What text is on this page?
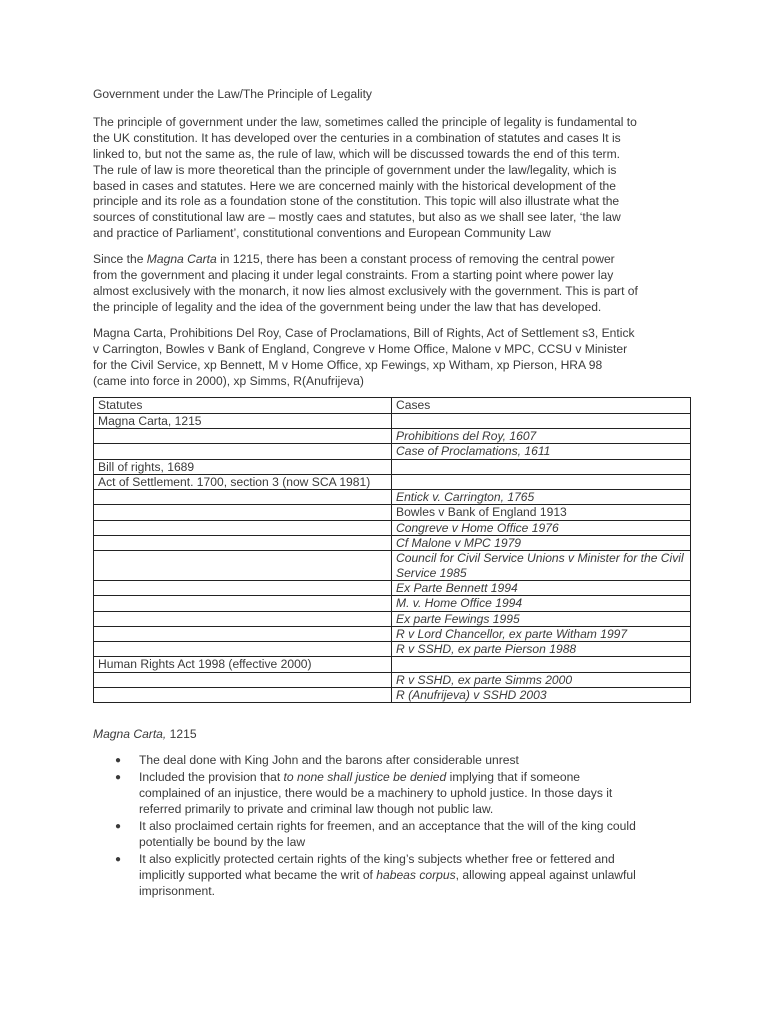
Government under the Law/The Principle of Legality
The principle of government under the law, sometimes called the principle of legality is fundamental to
the UK constitution. It has developed over the centuries in a combination of statutes and cases It is
linked to, but not the same as, the rule of law, which will be discussed towards the end of this term.
The rule of law is more theoretical than the principle of government under the law/legality, which is
based in cases and statutes. Here we are concerned mainly with the historical development of the
principle and its role as a foundation stone of the constitution. This topic will also illustrate what the
sources of constitutional law are – mostly caes and statutes, but also as we shall see later, ‘the law
and practice of Parliament’, constitutional conventions and European Community Law
Since the Magna Carta in 1215, there has been a constant process of removing the central power
from the government and placing it under legal constraints. From a starting point where power lay
almost exclusively with the monarch, it now lies almost exclusively with the government. This is part of
the principle of legality and the idea of the government being under the law that has developed.
Magna Carta, Prohibitions Del Roy, Case of Proclamations, Bill of Rights, Act of Settlement s3, Entick
v Carrington, Bowles v Bank of England, Congreve v Home Office, Malone v MPC, CCSU v Minister
for the Civil Service, xp Bennett, M v Home Office, xp Fewings, xp Witham, xp Pierson, HRA 98
(came into force in 2000), xp Simms, R(Anufrijeva)
Statutes	Cases
Magna Carta, 1215	
	Prohibitions del Roy, 1607
	Case of Proclamations, 1611
Bill of rights, 1689	
Act of Settlement. 1700, section 3 (now SCA 1981)	
	Entick v. Carrington, 1765
	Bowles v Bank of England 1913
	Congreve v Home Office 1976
	Cf Malone v MPC 1979
	Council for Civil Service Unions v Minister for the Civil Service 1985
	Ex Parte Bennett 1994
	M. v. Home Office 1994
	Ex parte Fewings 1995
	R v Lord Chancellor, ex parte Witham 1997
	R v SSHD, ex parte Pierson 1988
Human Rights Act 1998 (effective 2000)	
	R v SSHD, ex parte Simms 2000
	R (Anufrijeva) v SSHD 2003
Magna Carta, 1215
● The deal done with King John and the barons after considerable unrest
● Included the provision that to none shall justice be denied implying that if someone
complained of an injustice, there would be a machinery to uphold justice. In those days it
referred primarily to private and criminal law though not public law.
● It also proclaimed certain rights for freemen, and an acceptance that the will of the king could
potentially be bound by the law
● It also explicitly protected certain rights of the king’s subjects whether free or fettered and
implicitly supported what became the writ of habeas corpus, allowing appeal against unlawful
imprisonment.
